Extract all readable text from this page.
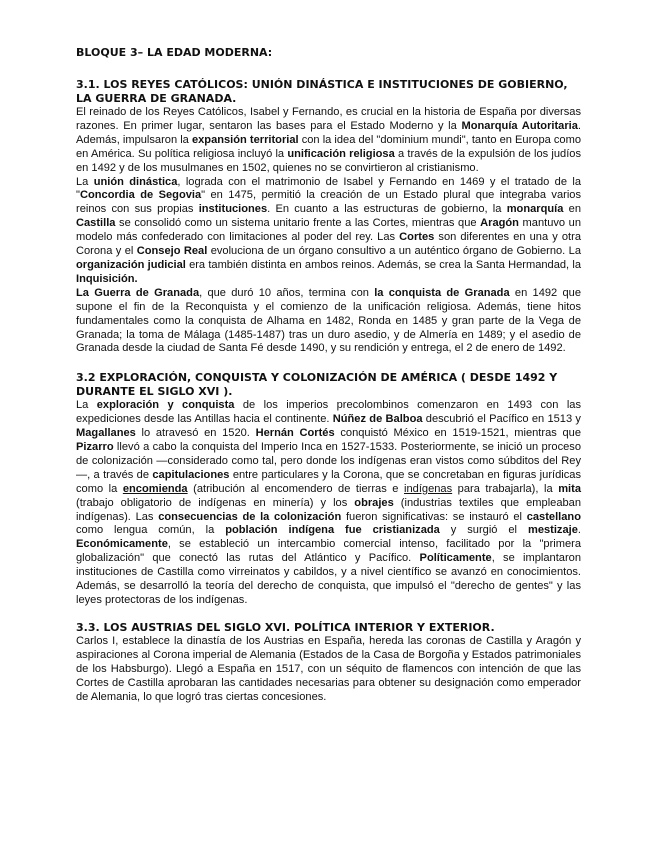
BLOQUE 3– LA EDAD MODERNA:
3.1. LOS REYES CATÓLICOS: UNIÓN DINÁSTICA E INSTITUCIONES DE GOBIERNO, LA GUERRA DE GRANADA.

El reinado de los Reyes Católicos, Isabel y Fernando, es crucial en la historia de España por diversas razones. En primer lugar, sentaron las bases para el Estado Moderno y la Monarquía Autoritaria. Además, impulsaron la expansión territorial con la idea del "dominium mundi", tanto en Europa como en América. Su política religiosa incluyó la unificación religiosa a través de la expulsión de los judíos en 1492 y de los musulmanes en 1502, quienes no se convirtieron al cristianismo.

La unión dinástica, lograda con el matrimonio de Isabel y Fernando en 1469 y el tratado de la "Concordia de Segovia" en 1475, permitió la creación de un Estado plural que integraba varios reinos con sus propias instituciones. En cuanto a las estructuras de gobierno, la monarquía en Castilla se consolidó como un sistema unitario frente a las Cortes, mientras que Aragón mantuvo un modelo más confederado con limitaciones al poder del rey. Las Cortes son diferentes en una y otra Corona y el Consejo Real evoluciona de un órgano consultivo a un auténtico órgano de Gobierno. La organización judicial era también distinta en ambos reinos. Además, se crea la Santa Hermandad, la Inquisición.

La Guerra de Granada, que duró 10 años, termina con la conquista de Granada en 1492 que supone el fin de la Reconquista y el comienzo de la unificación religiosa. Además, tiene hitos fundamentales como la conquista de Alhama en 1482, Ronda en 1485 y gran parte de la Vega de Granada; la toma de Málaga (1485-1487) tras un duro asedio, y de Almería en 1489; y el asedio de Granada desde la ciudad de Santa Fé desde 1490, y su rendición y entrega, el 2 de enero de 1492.

3.2 EXPLORACIÓN, CONQUISTA Y COLONIZACIÓN DE AMÉRICA ( DESDE 1492 Y DURANTE EL SIGLO XVI ).

La exploración y conquista de los imperios precolombinos comenzaron en 1493 con las expediciones desde las Antillas hacia el continente. Núñez de Balboa descubrió el Pacífico en 1513 y Magallanes lo atravesó en 1520. Hernán Cortés conquistó México en 1519-1521, mientras que Pizarro llevó a cabo la conquista del Imperio Inca en 1527-1533. Posteriormente, se inició un proceso de colonización —considerado como tal, pero donde los indígenas eran vistos como súbditos del Rey—, a través de capitulaciones entre particulares y la Corona, que se concretaban en figuras jurídicas como la encomienda (atribución al encomendero de tierras e indígenas para trabajarla), la mita (trabajo obligatorio de indígenas en minería) y los obrajes (industrias textiles que empleaban indígenas). Las consecuencias de la colonización fueron significativas: se instauró el castellano como lengua común, la población indígena fue cristianizada y surgió el mestizaje. Económicamente, se estableció un intercambio comercial intenso, facilitado por la "primera globalización" que conectó las rutas del Atlántico y Pacífico. Políticamente, se implantaron instituciones de Castilla como virreinatos y cabildos, y a nivel científico se avanzó en conocimientos. Además, se desarrolló la teoría del derecho de conquista, que impulsó el "derecho de gentes" y las leyes protectoras de los indígenas.

3.3. LOS AUSTRIAS DEL SIGLO XVI. POLÍTICA INTERIOR Y EXTERIOR.

Carlos I, establece la dinastía de los Austrias en España, hereda las coronas de Castilla y Aragón y aspiraciones al Corona imperial de Alemania (Estados de la Casa de Borgoña y Estados patrimoniales de los Habsburgo). Llegó a España en 1517, con un séquito de flamencos con intención de que las Cortes de Castilla aprobaran las cantidades necesarias para obtener su designación como emperador de Alemania, lo que logró tras ciertas concesiones.
